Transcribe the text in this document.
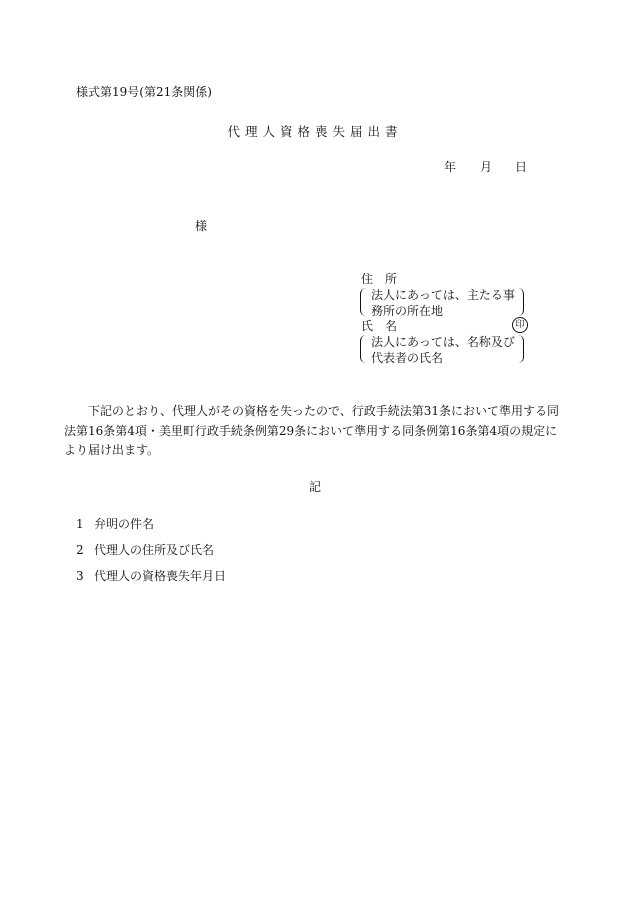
様式第19号(第21条関係)
代理人資格喪失届出書
年 月 日
様
住　所
法人にあっては、主たる事
務所の所在地
氏　名	印
法人にあっては、名称及び
代表者の氏名
下記のとおり、代理人がその資格を失ったので、行政手続法第31条において準用する同
法第16条第4項・美里町行政手続条例第29条において準用する同条例第16条第4項の規定に
より届け出ます。
記
1 弁明の件名
2 代理人の住所及び氏名
3 代理人の資格喪失年月日
